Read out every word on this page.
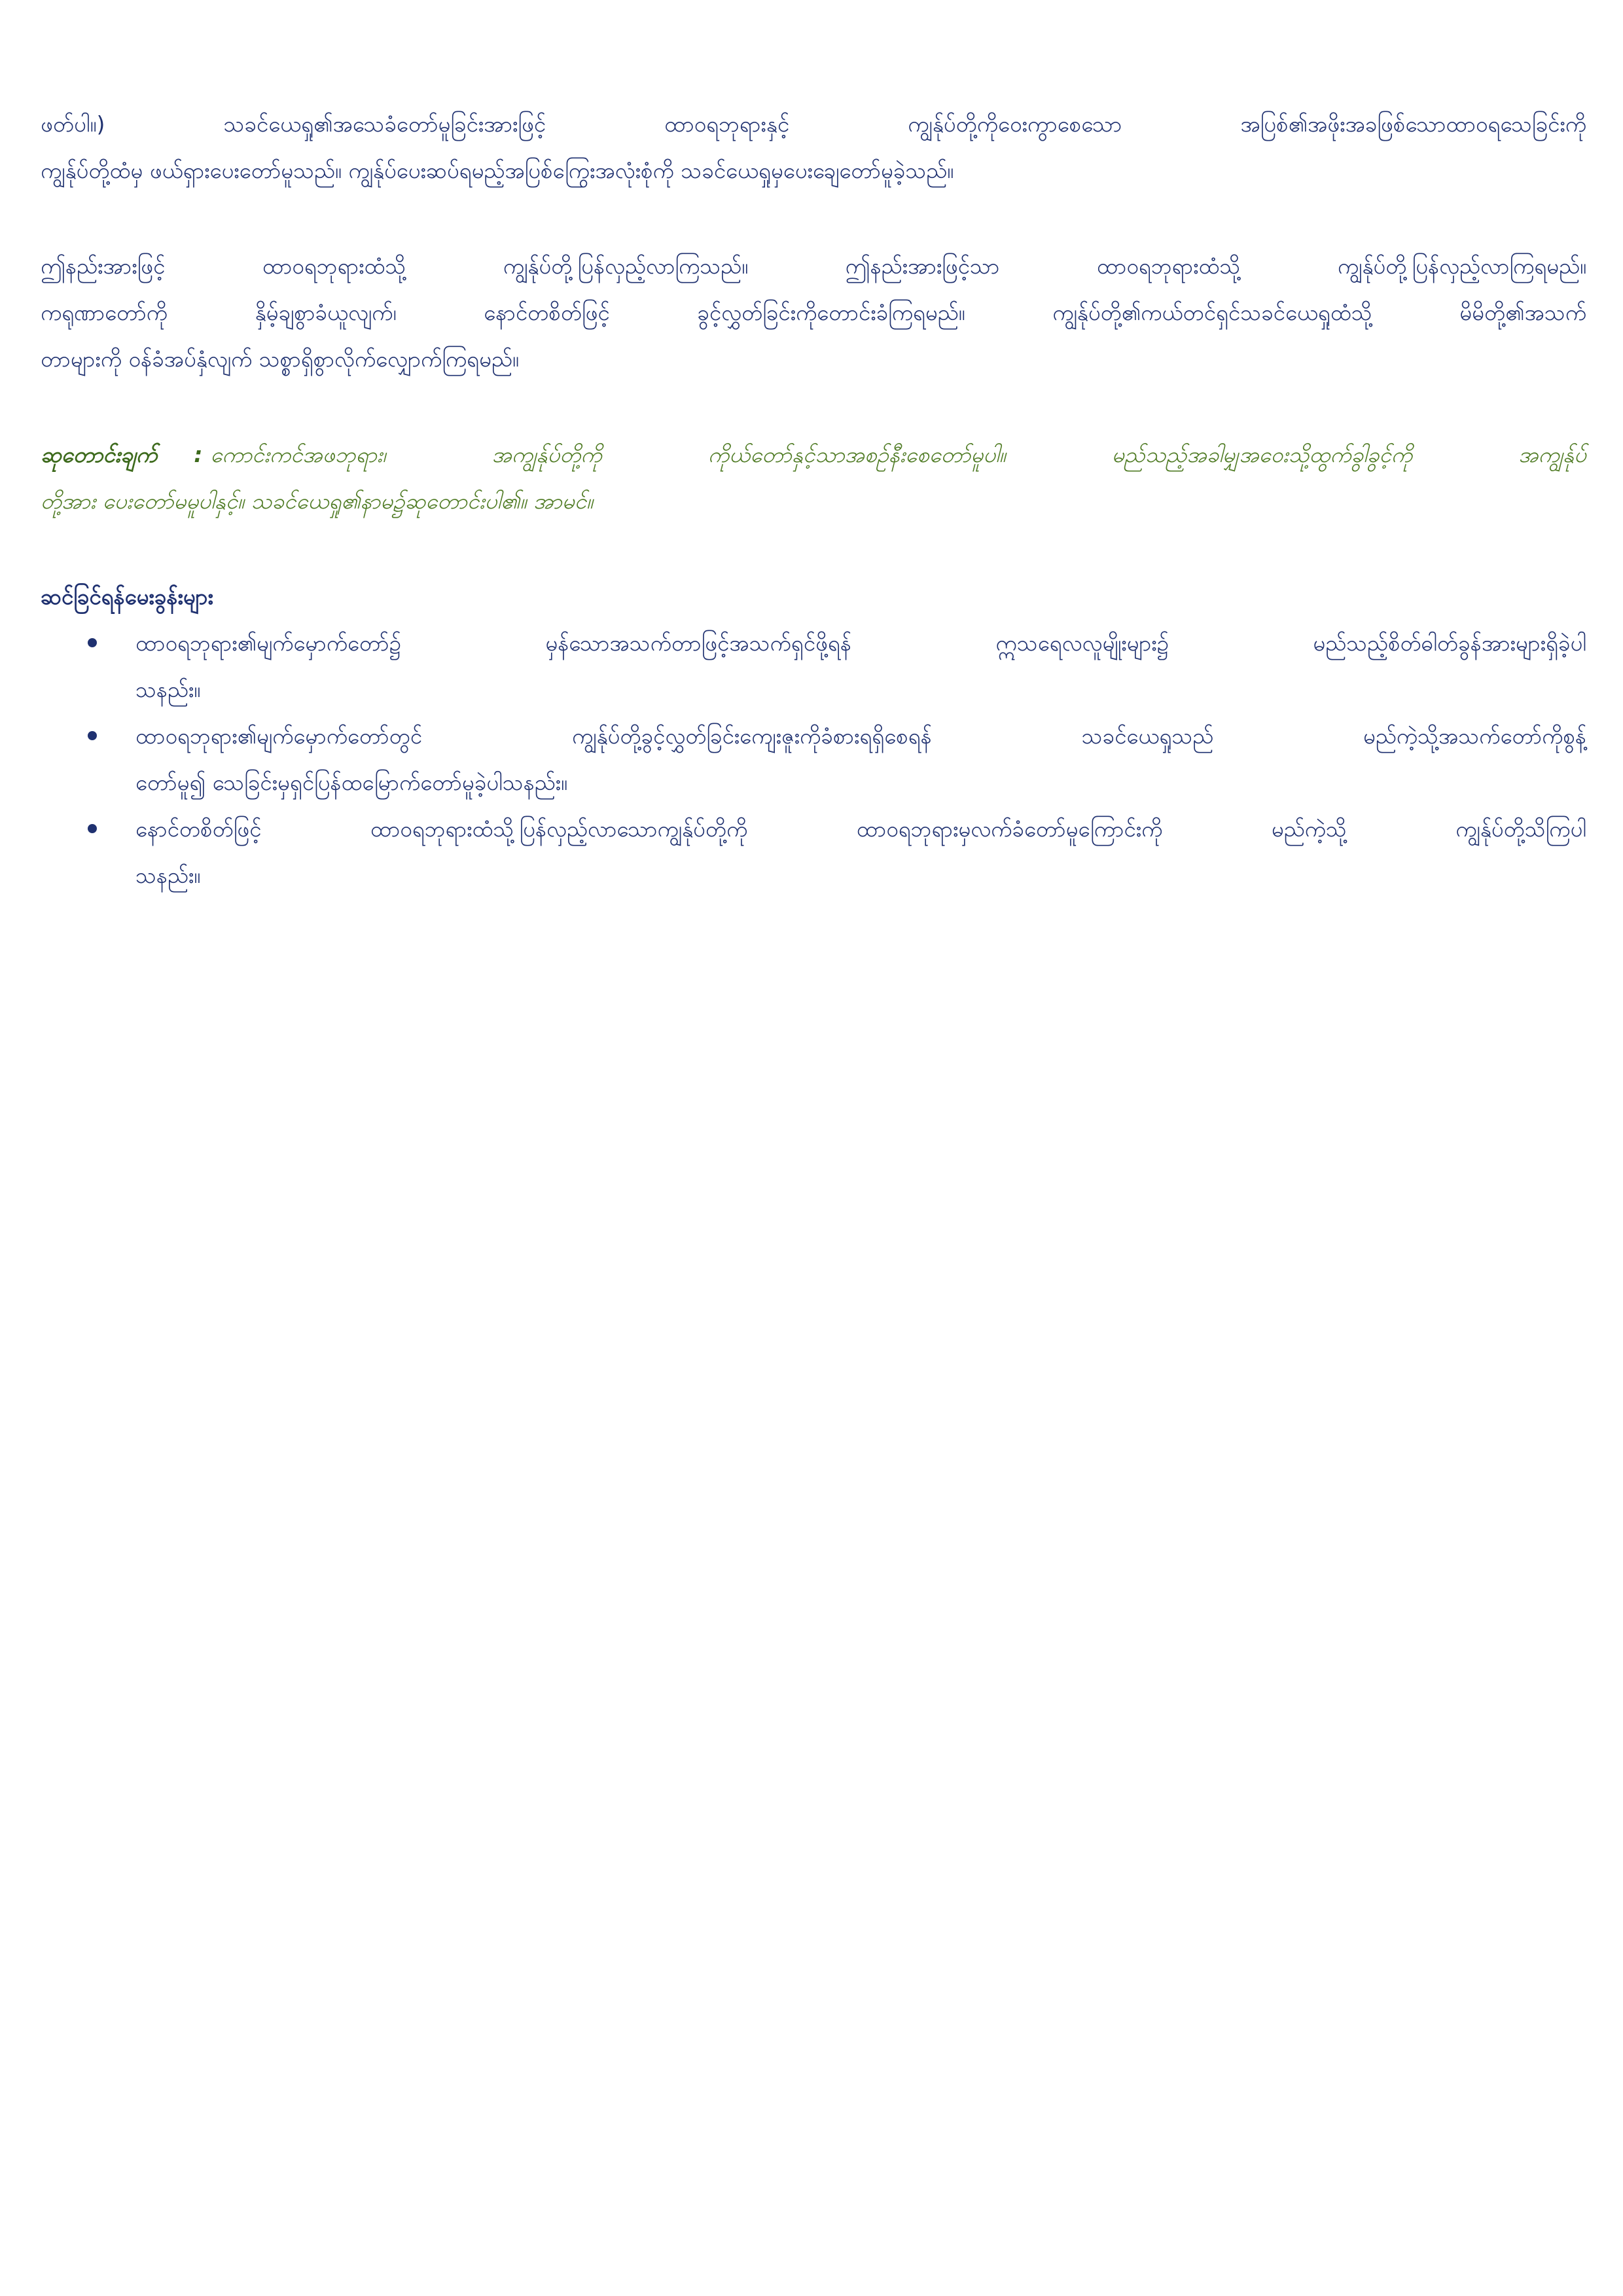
ဖတ်ပါ။) သခင်ယေရှု၏အသေခံတော်မူခြင်းအားဖြင့် ထာဝရဘုရားနှင့် ကျွန်ုပ်တို့ကိုဝေးကွာစေသော အပြစ်၏အဖိုးအခဖြစ်သောထာဝရသေခြင်းကို
ကျွန်ုပ်တို့ထံမှ ဖယ်ရှားပေးတော်မူသည်။ ကျွန်ုပ်ပေးဆပ်ရမည့်အပြစ်ကြွေးအလုံးစုံကို သခင်ယေရှုမှပေးချေတော်မူခဲ့သည်။
ဤနည်းအားဖြင့် ထာဝရဘုရားထံသို့ ကျွန်ုပ်တို့ပြန်လှည့်လာကြသည်။ ဤနည်းအားဖြင့်သာ ထာဝရဘုရားထံသို့ ကျွန်ုပ်တို့ပြန်လှည့်လာကြရမည်။
ကရုဏာတော်ကို နှိမ့်ချစွာခံယူလျက်၊ နောင်တစိတ်ဖြင့် ခွင့်လွှတ်ခြင်းကိုတောင်းခံကြရမည်။ ကျွန်ုပ်တို့၏ကယ်တင်ရှင်သခင်ယေရှုထံသို့ မိမိတို့၏အသက်
တာများကို ဝန်ခံအပ်နှံလျက် သစ္စာရှိစွာလိုက်လျှောက်ကြရမည်။
ဆုတောင်းချက် : ကောင်းကင်အဖဘုရား၊ အကျွန်ုပ်တို့ကို ကိုယ်တော်နှင့်သာအစဉ်နီးစေတော်မူပါ။ မည်သည့်အခါမျှအဝေးသို့ထွက်ခွါခွင့်ကို အကျွန်ုပ်
တို့အား ပေးတော်မမူပါနှင့်။ သခင်ယေရှု၏နာမ၌ဆုတောင်းပါ၏။ အာမင်။
ဆင်ခြင်ရန်မေးခွန်းများ
ထာဝရဘုရား၏မျက်မှောက်တော်၌ မှန်သောအသက်တာဖြင့်အသက်ရှင်ဖို့ရန် ဣသရေလလူမျိုးများ၌ မည်သည့်စိတ်ဓါတ်ခွန်အားများရှိခဲ့ပါ
သနည်း။
ထာဝရဘုရား၏မျက်မှောက်တော်တွင် ကျွန်ုပ်တို့ခွင့်လွှတ်ခြင်းကျေးဇူးကိုခံစားရရှိစေရန် သခင်ယေရှုသည် မည်ကဲ့သို့အသက်တော်ကိုစွန့်
တော်မူ၍ သေခြင်းမှရှင်ပြန်ထမြောက်တော်မူခဲ့ပါသနည်း။
နောင်တစိတ်ဖြင့် ထာဝရဘုရားထံသို့ပြန်လှည့်လာသောကျွန်ုပ်တို့ကို ထာဝရဘုရားမှလက်ခံတော်မူကြောင်းကို မည်ကဲ့သို့ ကျွန်ုပ်တို့သိကြပါ
သနည်း။
